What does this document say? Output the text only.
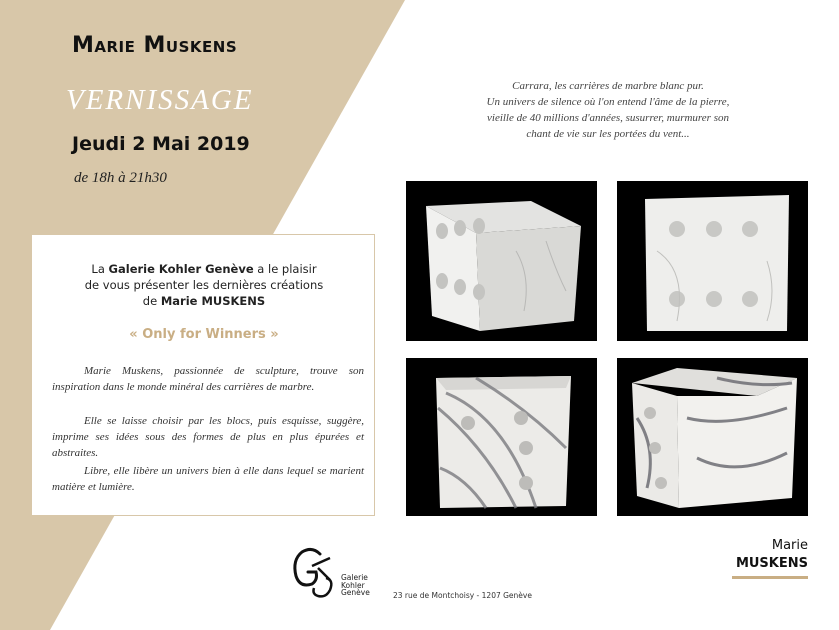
Marie Muskens
VERNISSAGE
Jeudi 2 Mai 2019
de 18h à 21h30
La Galerie Kohler Genève a le plaisir
de vous présenter les dernières créations
de Marie MUSKENS
« Only for Winners »

Marie Muskens, passionnée de sculpture, trouve son inspiration dans le monde minéral des carrières de marbre.

Elle se laisse choisir par les blocs, puis esquisse, suggère, imprime ses idées sous des formes de plus en plus épurées et abstraites.

Libre, elle libère un univers bien à elle dans lequel se marient matière et lumière.

Carrara, les carrières de marbre blanc pur.
Un univers de silence où l'on entend l'âme de la pierre,
vieille de 40 millions d'années, susurrer, murmurer son
chant de vie sur les portées du vent...
Marie
MUSKENS
Galerie
Kohler
Genève	23 rue de Montchoisy - 1207 Genève
